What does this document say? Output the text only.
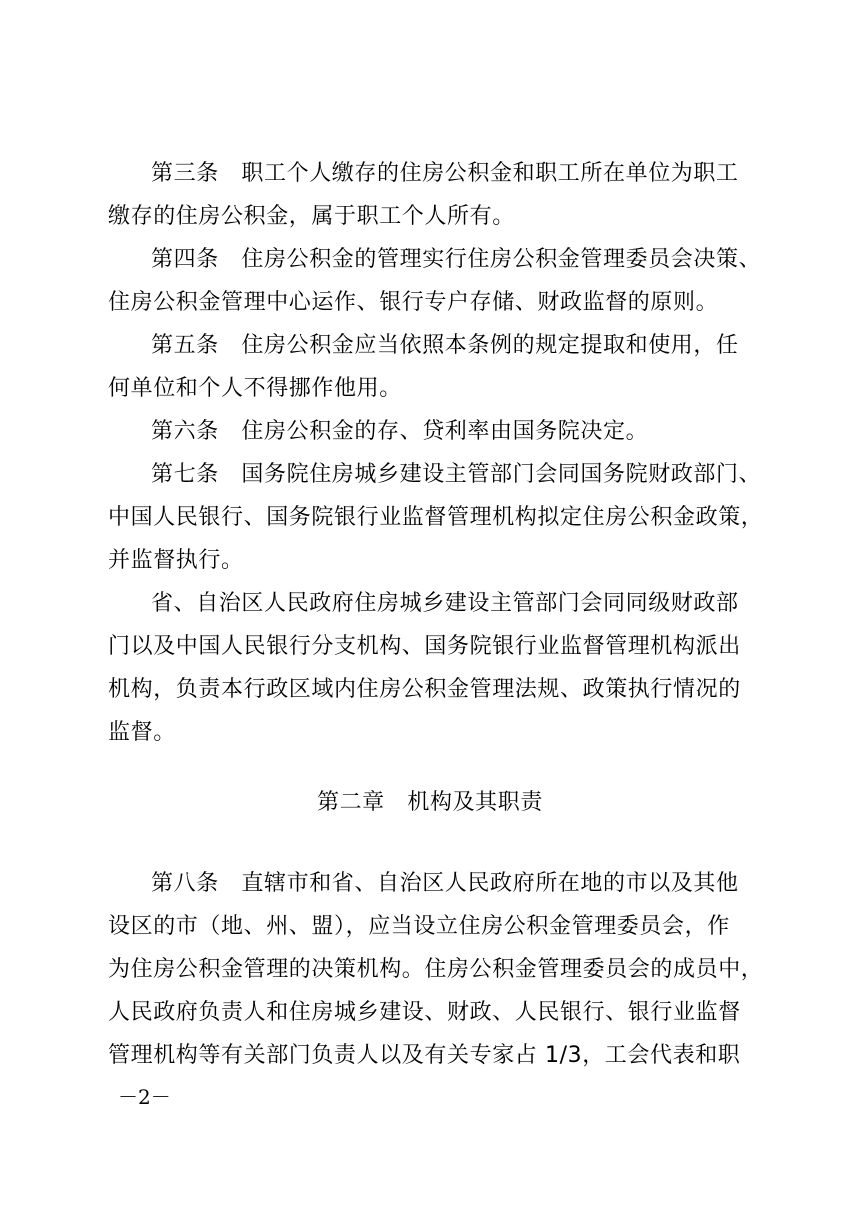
第三条　职工个人缴存的住房公积金和职工所在单位为职工
缴存的住房公积金，属于职工个人所有。
第四条　住房公积金的管理实行住房公积金管理委员会决策、
住房公积金管理中心运作、银行专户存储、财政监督的原则。
第五条　住房公积金应当依照本条例的规定提取和使用，任
何单位和个人不得挪作他用。
第六条　住房公积金的存、贷利率由国务院决定。
第七条　国务院住房城乡建设主管部门会同国务院财政部门、
中国人民银行、国务院银行业监督管理机构拟定住房公积金政策，
并监督执行。
省、自治区人民政府住房城乡建设主管部门会同同级财政部
门以及中国人民银行分支机构、国务院银行业监督管理机构派出
机构，负责本行政区域内住房公积金管理法规、政策执行情况的
监督。
第二章　机构及其职责
第八条　直辖市和省、自治区人民政府所在地的市以及其他
设区的市（地、州、盟），应当设立住房公积金管理委员会，作
为住房公积金管理的决策机构。住房公积金管理委员会的成员中，
人民政府负责人和住房城乡建设、财政、人民银行、银行业监督
管理机构等有关部门负责人以及有关专家占 1/3，工会代表和职
－2－
